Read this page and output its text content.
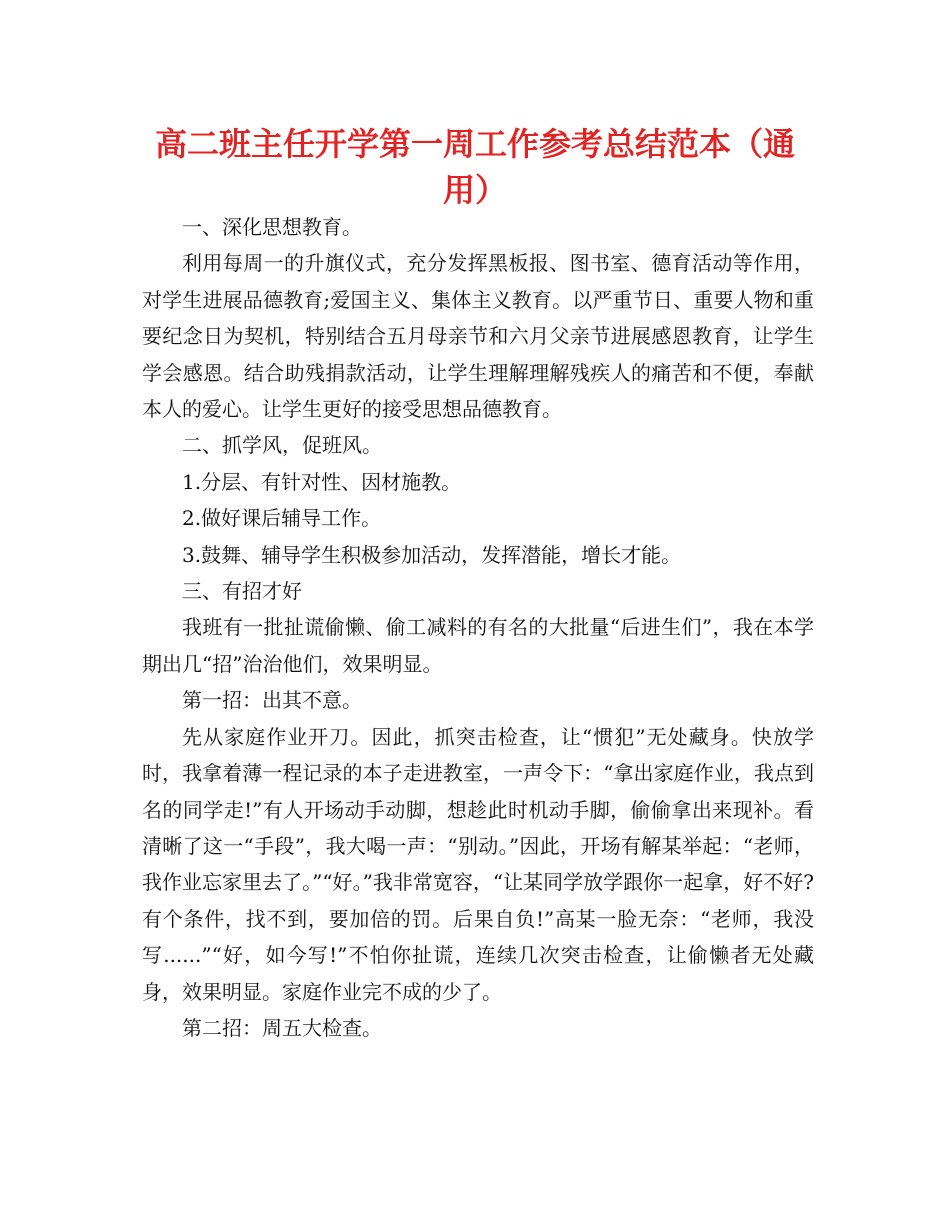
高二班主任开学第一周工作参考总结范本（通用）

一、深化思想教育。

利用每周一的升旗仪式，充分发挥黑板报、图书室、德育活动等作用，对学生进展品德教育;爱国主义、集体主义教育。以严重节日、重要人物和重要纪念日为契机，特别结合五月母亲节和六月父亲节进展感恩教育，让学生学会感恩。结合助残捐款活动，让学生理解理解残疾人的痛苦和不便，奉献本人的爱心。让学生更好的接受思想品德教育。

二、抓学风，促班风。

1.分层、有针对性、因材施教。

2.做好课后辅导工作。

3.鼓舞、辅导学生积极参加活动，发挥潜能，增长才能。

三、有招才好

我班有一批扯谎偷懒、偷工减料的有名的大批量“后进生们”，我在本学期出几“招”治治他们，效果明显。

第一招：出其不意。

先从家庭作业开刀。因此，抓突击检查，让“惯犯”无处藏身。快放学时，我拿着薄一程记录的本子走进教室，一声令下：“拿出家庭作业，我点到名的同学走!”有人开场动手动脚，想趁此时机动手脚，偷偷拿出来现补。看清晰了这一“手段”，我大喝一声：“别动。”因此，开场有解某举起：“老师，我作业忘家里去了。”“好。”我非常宽容，“让某同学放学跟你一起拿，好不好?有个条件，找不到，要加倍的罚。后果自负!”高某一脸无奈：“老师，我没写......”“好，如今写!”不怕你扯谎，连续几次突击检查，让偷懒者无处藏身，效果明显。家庭作业完不成的少了。

第二招：周五大检查。
